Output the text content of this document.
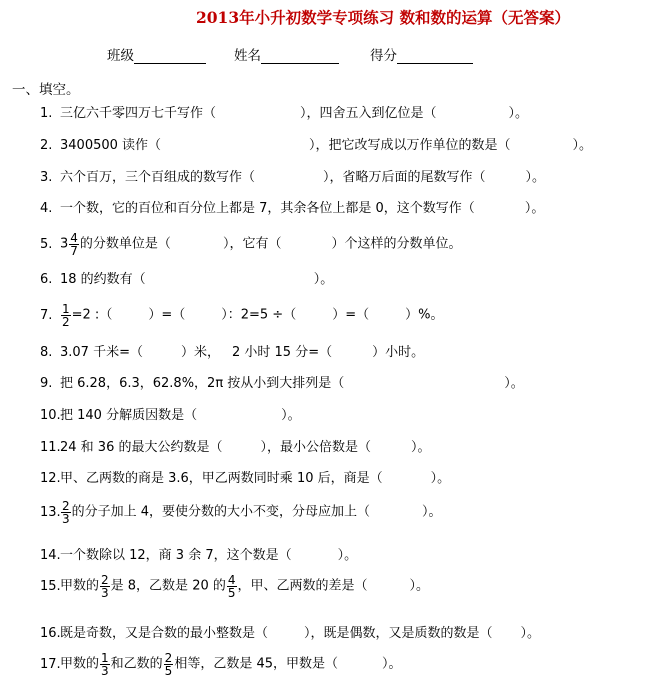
2013年小升初数学专项练习 数和数的运算（无答案）
班级	姓名	得分
一、填空。
1. 三亿六千零四万七千写作（	），四舍五入到亿位是（	）。
2. 3400500 读作（	），把它改写成以万作单位的数是（	）。
3. 六个百万，三个百组成的数写作（	），省略万后面的尾数写作（	）。
4. 一个数，它的百位和百分位上都是 7，其余各位上都是 0，这个数写作（	）。
5. $3 \frac{4}{7}$ 的分数单位是（	），它有（	）个这样的分数单位。
6. 18 的约数有（	）。
7. $\frac{1}{2} =2$ :（	）=（	）：2=5 ÷（	）=（	）%。
8. 3.07 千米=（	）米， 2 小时 15 分=（	）小时。
9. 把 6.28，6.3，62.8%，2π 按从小到大排列是（	）。
10.把 140 分解质因数是（	）。
11.24 和 36 的最大公约数是（	），最小公倍数是（	）。
12.甲、乙两数的商是 3.6，甲乙两数同时乘 10 后，商是（	）。
13. $\frac{2}{3}$ 的分子加上 4，要使分数的大小不变，分母应加上（	）。
14.一个数除以 12，商 3 余 7，这个数是（	）。
15.甲数的 $\frac{2}{3}$ 是 8，乙数是 20 的 $\frac{4}{5}$ ，甲、乙两数的差是（	）。
16.既是奇数，又是合数的最小整数是（	），既是偶数，又是质数的数是（ ）。
17.甲数的 $\frac{1}{3}$ 和乙数的 $\frac{2}{5}$ 相等，乙数是 45，甲数是（	）。
